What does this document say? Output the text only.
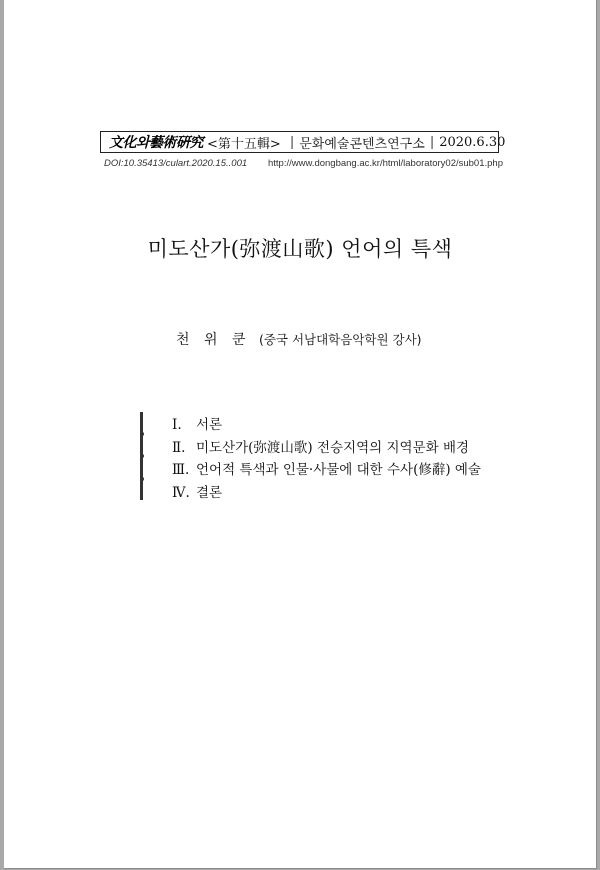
文化와藝術硏究 <第十五輯> | 문화예술콘텐츠연구소 | 2020.6.30
DOI:10.35413/culart.2020.15..001 http://www.dongbang.ac.kr/html/laboratory02/sub01.php
미도산가(弥渡山歌) 언어의 특색
천 위 쿤 (중국 서남대학음악학원 강사)
Ⅰ. 서론
Ⅱ. 미도산가(弥渡山歌) 전승지역의 지역문화 배경
Ⅲ. 언어적 특색과 인물·사물에 대한 수사(修辭) 예술
Ⅳ. 결론
